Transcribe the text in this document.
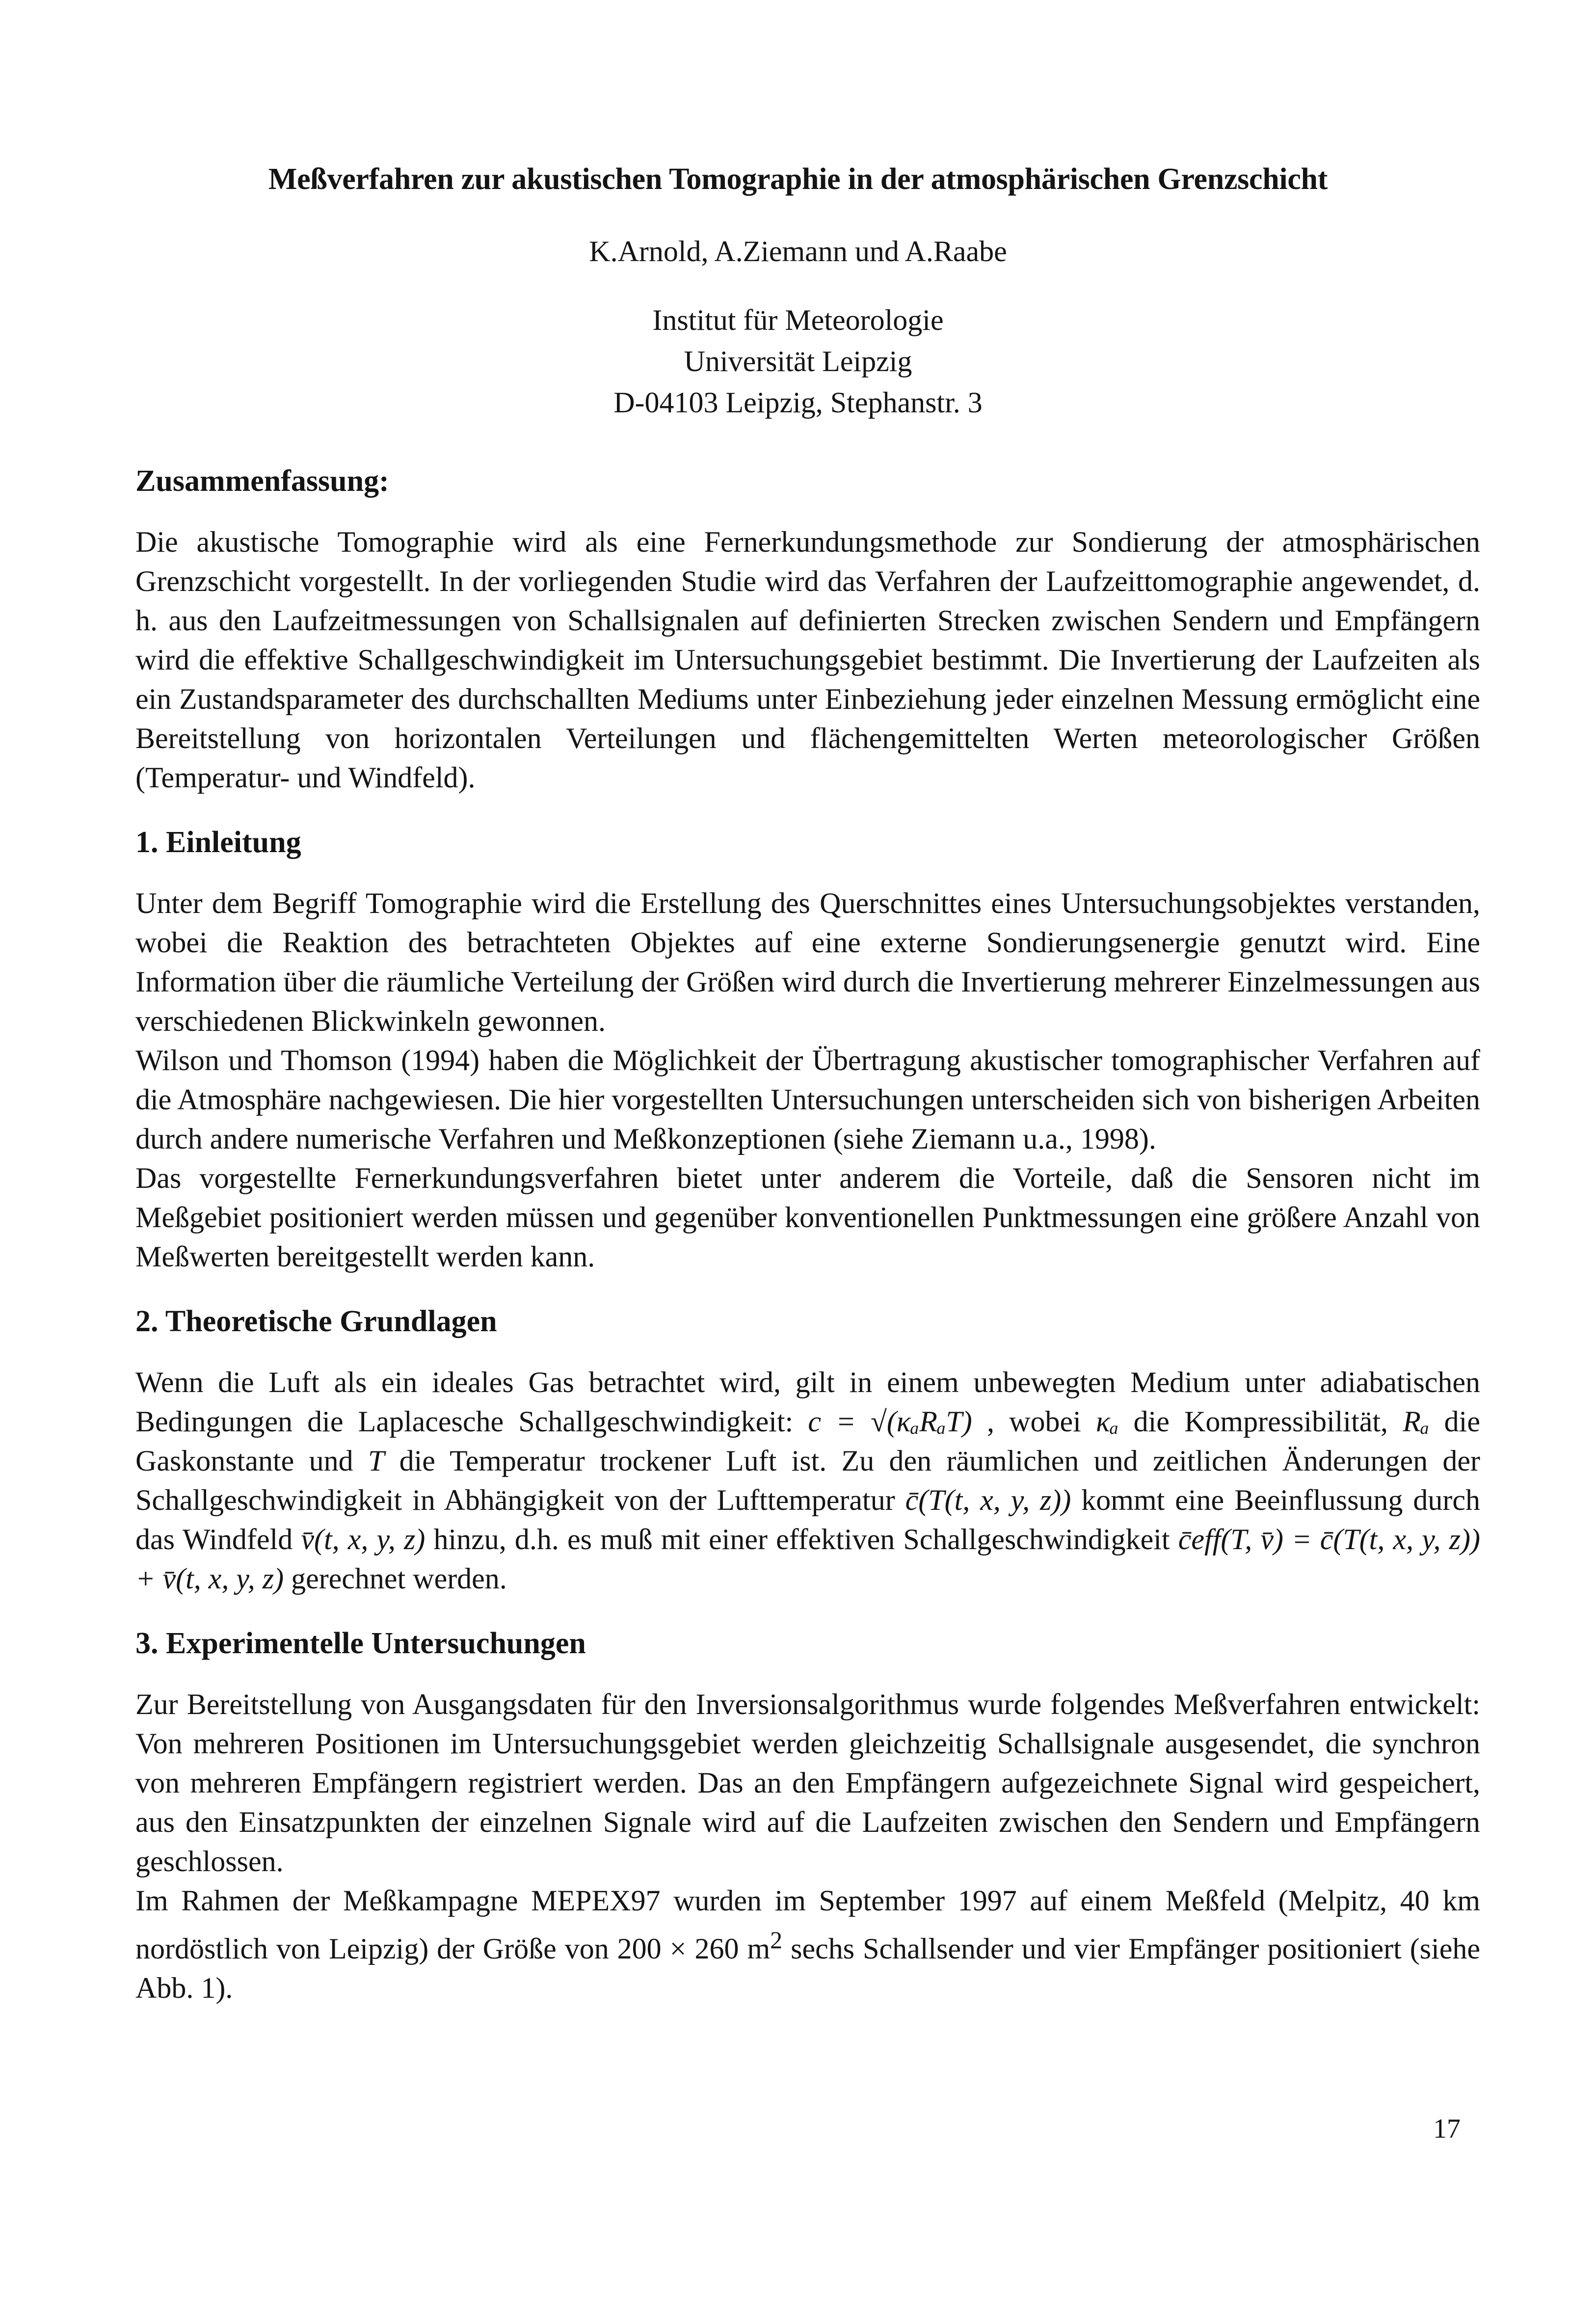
Meßverfahren zur akustischen Tomographie in der atmosphärischen Grenzschicht
K.Arnold, A.Ziemann und A.Raabe
Institut für Meteorologie
Universität Leipzig
D-04103 Leipzig, Stephanstr. 3
Zusammenfassung:

Die akustische Tomographie wird als eine Fernerkundungsmethode zur Sondierung der atmosphärischen Grenzschicht vorgestellt. In der vorliegenden Studie wird das Verfahren der Laufzeittomographie angewendet, d. h. aus den Laufzeitmessungen von Schallsignalen auf definierten Strecken zwischen Sendern und Empfängern wird die effektive Schallgeschwindigkeit im Untersuchungsgebiet bestimmt. Die Invertierung der Laufzeiten als ein Zustandsparameter des durchschallten Mediums unter Einbeziehung jeder einzelnen Messung ermöglicht eine Bereitstellung von horizontalen Verteilungen und flächengemittelten Werten meteorologischer Größen (Temperatur- und Windfeld).

1. Einleitung

Unter dem Begriff Tomographie wird die Erstellung des Querschnittes eines Untersuchungsobjektes verstanden, wobei die Reaktion des betrachteten Objektes auf eine externe Sondierungsenergie genutzt wird. Eine Information über die räumliche Verteilung der Größen wird durch die Invertierung mehrerer Einzelmessungen aus verschiedenen Blickwinkeln gewonnen.

Wilson und Thomson (1994) haben die Möglichkeit der Übertragung akustischer tomographischer Verfahren auf die Atmosphäre nachgewiesen. Die hier vorgestellten Untersuchungen unterscheiden sich von bisherigen Arbeiten durch andere numerische Verfahren und Meßkonzeptionen (siehe Ziemann u.a., 1998).

Das vorgestellte Fernerkundungsverfahren bietet unter anderem die Vorteile, daß die Sensoren nicht im Meßgebiet positioniert werden müssen und gegenüber konventionellen Punktmessungen eine größere Anzahl von Meßwerten bereitgestellt werden kann.

2. Theoretische Grundlagen

Wenn die Luft als ein ideales Gas betrachtet wird, gilt in einem unbewegten Medium unter adiabatischen Bedingungen die Laplacesche Schallgeschwindigkeit: c = √(κₐRₐT) , wobei κₐ die Kompressibilität, Rₐ die Gaskonstante und T die Temperatur trockener Luft ist. Zu den räumlichen und zeitlichen Änderungen der Schallgeschwindigkeit in Abhängigkeit von der Lufttemperatur c̄(T(t, x, y, z)) kommt eine Beeinflussung durch das Windfeld v̄(t, x, y, z) hinzu, d.h. es muß mit einer effektiven Schallgeschwindigkeit c̄eff(T, v̄) = c̄(T(t, x, y, z)) + v̄(t, x, y, z) gerechnet werden.

3. Experimentelle Untersuchungen

Zur Bereitstellung von Ausgangsdaten für den Inversionsalgorithmus wurde folgendes Meßverfahren entwickelt: Von mehreren Positionen im Untersuchungsgebiet werden gleichzeitig Schallsignale ausgesendet, die synchron von mehreren Empfängern registriert werden. Das an den Empfängern aufgezeichnete Signal wird gespeichert, aus den Einsatzpunkten der einzelnen Signale wird auf die Laufzeiten zwischen den Sendern und Empfängern geschlossen.

Im Rahmen der Meßkampagne MEPEX97 wurden im September 1997 auf einem Meßfeld (Melpitz, 40 km nordöstlich von Leipzig) der Größe von 200 × 260 $m^2$ sechs Schallsender und vier Empfänger positioniert (siehe Abb. 1).

17
